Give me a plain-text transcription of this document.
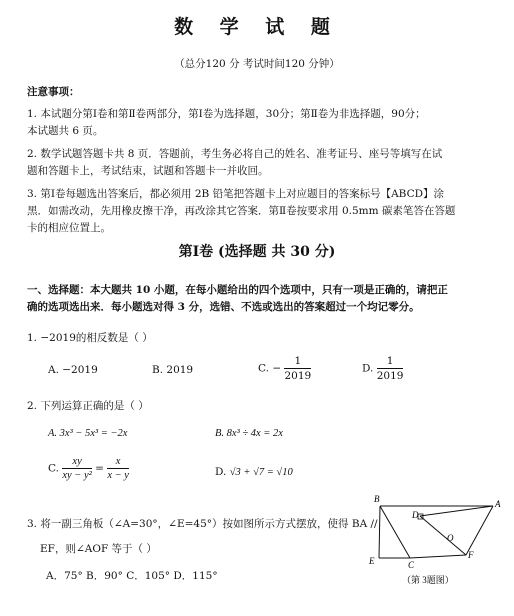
数 学 试 题
（总分120 分 考试时间120 分钟）
注意事项：
1. 本试题分第Ⅰ卷和第Ⅱ卷两部分，第Ⅰ卷为选择题，30分；第Ⅱ卷为非选择题，90分；
本试题共 6 页。
2. 数学试题答题卡共 8 页．答题前，考生务必将自己的姓名、准考证号、座号等填写在试
题和答题卡上，考试结束，试题和答题卡一并收回。
3. 第Ⅰ卷每题选出答案后，都必须用 2B 铅笔把答题卡上对应题目的答案标号【ABCD】涂
黑．如需改动，先用橡皮擦干净，再改涂其它答案．第Ⅱ卷按要求用 0.5mm 碳素笔答在答题
卡的相应位置上。
第Ⅰ卷 (选择题 共 30 分)
一、选择题：本大题共 10 小题，在每小题给出的四个选项中，只有一项是正确的，请把正
确的选项选出来．每小题选对得 3 分，选错、不选或选出的答案超过一个均记零分。
1. −2019的相反数是（ ）
A. −2019	B. 2019	C. − $\frac{1}{2019}$	D. $\frac{1}{2019}$
2. 下列运算正确的是（ ）
A. 3x³ − 5x³ = −2x	B. 8x³ ÷ 4x = 2x
C. $\frac{xy}{\text{xy − y²}} = \frac{x}{x - y}$	D. √3 + √7 = √10
3. 将一副三角板（∠A=30°，∠E=45°）按如图所示方式摆放，使得 BA //
EF，则∠AOF 等于（ ）
A．75° B．90° C．105° D．115°
B	A
D
O
E	C
F
（第 3题图）
